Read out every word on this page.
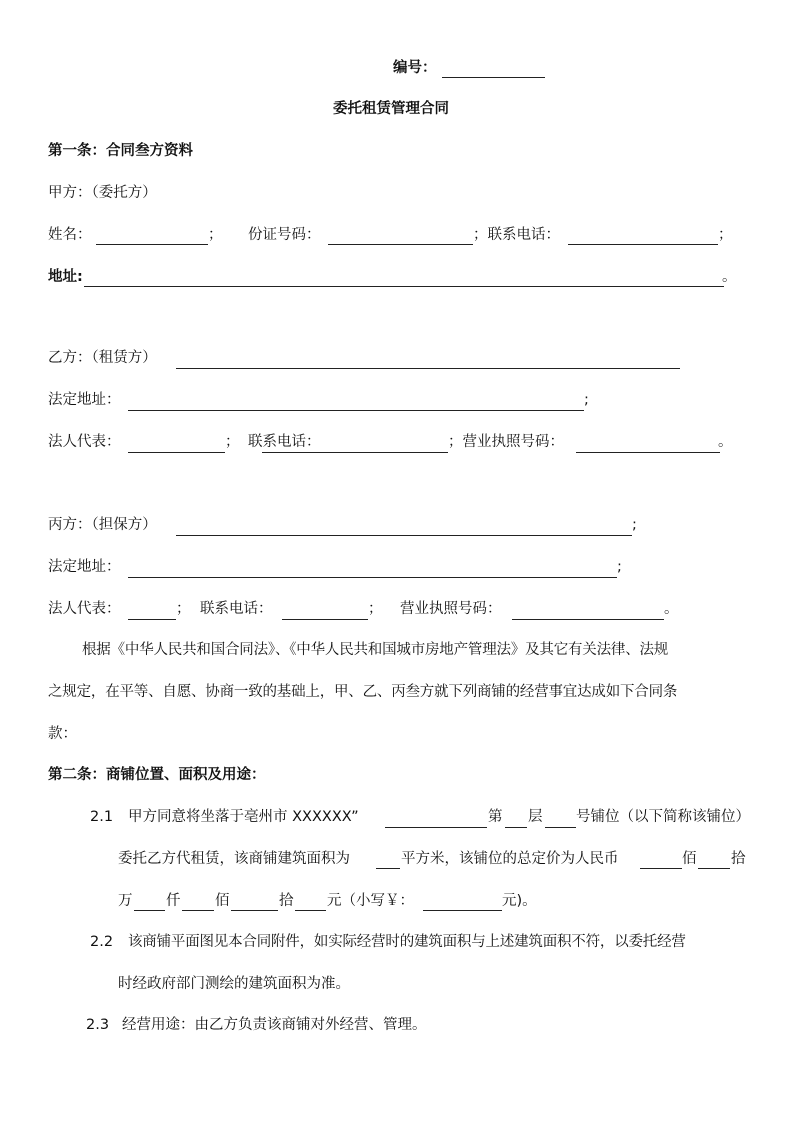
编号：
委托租赁管理合同
第一条：合同叁方资料
甲方：（委托方）
姓名：	； 份证号码：	；联系电话：	；
地址:	。
乙方：（租赁方）
法定地址：	;
法人代表：	； 联系电话：	；营业执照号码：	。
丙方：（担保方）	;
法定地址：	;
法人代表：	； 联系电话：	； 营业执照号码：	。
根据《中华人民共和国合同法》、《中华人民共和国城市房地产管理法》及其它有关法律、法规
之规定，在平等、自愿、协商一致的基础上，甲、乙、丙叁方就下列商铺的经营事宜达成如下合同条
款：
第二条：商铺位置、面积及用途：
2.1 甲方同意将坐落于亳州市 XXXXXX”	第 层 号铺位（以下简称该铺位）
委托乙方代租赁，该商铺建筑面积为	平方米，该铺位的总定价为人民币	佰 拾
万 仟 佰	拾 元（小写￥：	元)。
2.2 该商铺平面图见本合同附件，如实际经营时的建筑面积与上述建筑面积不符，以委托经营
时经政府部门测绘的建筑面积为准。
2.3 经营用途：由乙方负责该商铺对外经营、管理。
